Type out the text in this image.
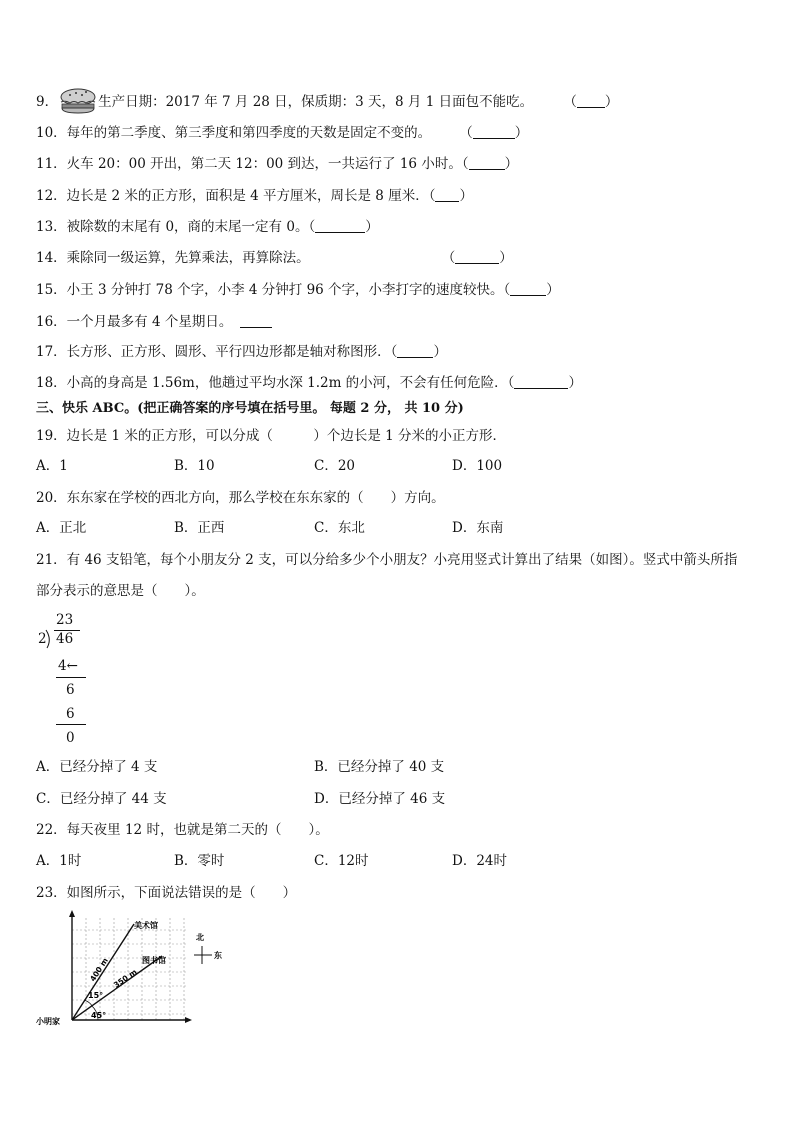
9．	生产日期：2017 年 7 月 28 日，保质期：3 天，8 月 1 日面包不能吃。 （ ）
10．每年的第二季度、第三季度和第四季度的天数是固定不变的。 （	）
11．火车 20：00 开出，第二天 12：00 到达，一共运行了 16 小时。（	）
12．边长是 2 米的正方形，面积是 4 平方厘米，周长是 8 厘米．（ ）
13．被除数的末尾有 0，商的末尾一定有 0。（	）
14．乘除同一级运算，先算乘法，再算除法。	（	）
15．小王 3 分钟打 78 个字，小李 4 分钟打 96 个字，小李打字的速度较快。（	）
16．一个月最多有 4 个星期日。
17．长方形、正方形、圆形、平行四边形都是轴对称图形．（	）
18．小高的身高是 1.56m，他趟过平均水深 1.2m 的小河，不会有任何危险．（	）
三、快乐 ABC。(把正确答案的序号填在括号里。 每题 2 分， 共 10 分)
19．边长是 1 米的正方形，可以分成（　　　）个边长是 1 分米的小正方形．
A．1	B．10	C．20	D．100
20．东东家在学校的西北方向，那么学校在东东家的（　　）方向。
A．正北	B．正西	C．东北	D．东南
21．有 46 支铅笔，每个小朋友分 2 支，可以分给多少个小朋友？小亮用竖式计算出了结果（如图）。竖式中箭头所指
部分表示的意思是（　　）。
23
2 46
4←
6
6
0
A．已经分掉了 4 支	B．已经分掉了 40 支
C．已经分掉了 44 支	D．已经分掉了 46 支
22．每天夜里 12 时，也就是第二天的（　　）。
A．1时	B．零时	C．12时	D．24时
23．如图所示，下面说法错误的是（　　）
美术馆
图书馆
400 m 350 m
15°
45°
小明家
北
东
